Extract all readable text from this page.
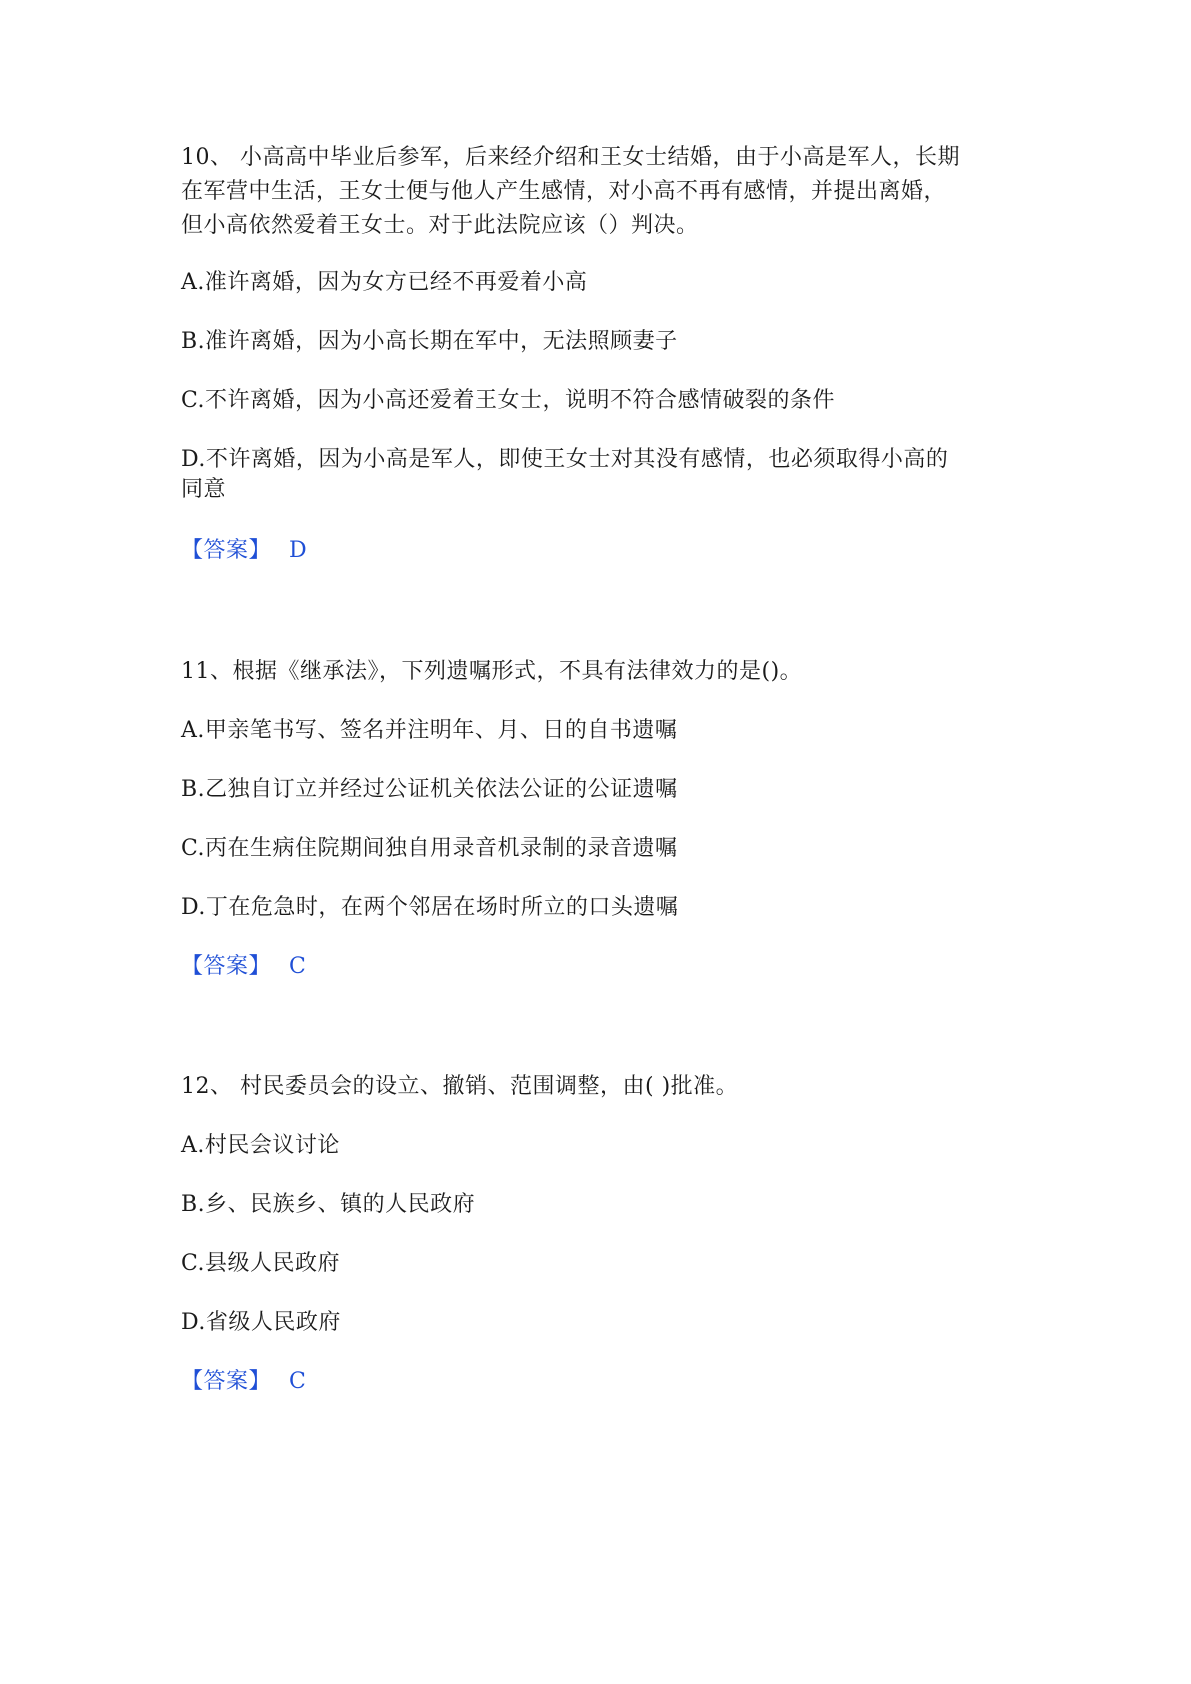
10、 小高高中毕业后参军，后来经介绍和王女士结婚，由于小高是军人，长期
在军营中生活，王女士便与他人产生感情，对小高不再有感情，并提出离婚，
但小高依然爱着王女士。对于此法院应该（）判决。
A.准许离婚，因为女方已经不再爱着小高
B.准许离婚，因为小高长期在军中，无法照顾妻子
C.不许离婚，因为小高还爱着王女士，说明不符合感情破裂的条件
D.不许离婚，因为小高是军人，即使王女士对其没有感情，也必须取得小高的
同意
【答案】 D
11、根据《继承法》，下列遗嘱形式，不具有法律效力的是()。
A.甲亲笔书写、签名并注明年、月、日的自书遗嘱
B.乙独自订立并经过公证机关依法公证的公证遗嘱
C.丙在生病住院期间独自用录音机录制的录音遗嘱
D.丁在危急时，在两个邻居在场时所立的口头遗嘱
【答案】 C
12、 村民委员会的设立、撤销、范围调整，由( )批准。
A.村民会议讨论
B.乡、民族乡、镇的人民政府
C.县级人民政府
D.省级人民政府
【答案】 C
